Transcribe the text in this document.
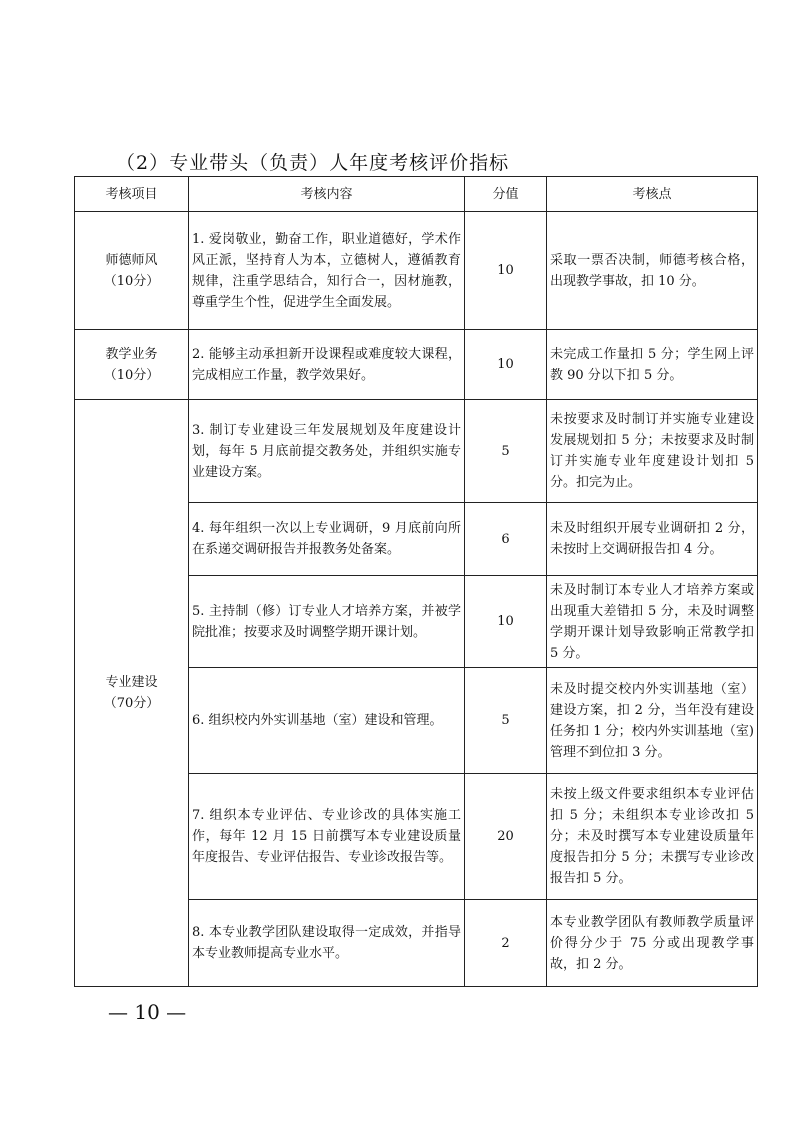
（2）专业带头（负责）人年度考核评价指标
考核项目	考核内容	分值	考核点

师德师风
（10分）	1. 爱岗敬业，勤奋工作，职业道德好，学术作风正派，坚持育人为本，立德树人，遵循教育规律，注重学思结合，知行合一，因材施教，尊重学生个性，促进学生全面发展。	10	采取一票否决制，师德考核合格，出现教学事故，扣 10 分。

教学业务
（10分）	2. 能够主动承担新开设课程或难度较大课程，完成相应工作量，教学效果好。	10	未完成工作量扣 5 分；学生网上评教 90 分以下扣 5 分。

专业建设
（70分）	3. 制订专业建设三年发展规划及年度建设计划，每年 5 月底前提交教务处，并组织实施专业建设方案。	5	未按要求及时制订并实施专业建设发展规划扣 5 分；未按要求及时制订并实施专业年度建设计划扣 5 分。扣完为止。
	4. 每年组织一次以上专业调研，9 月底前向所在系递交调研报告并报教务处备案。	6	未及时组织开展专业调研扣 2 分，未按时上交调研报告扣 4 分。
	5. 主持制（修）订专业人才培养方案，并被学院批准；按要求及时调整学期开课计划。	10	未及时制订本专业人才培养方案或出现重大差错扣 5 分，未及时调整学期开课计划导致影响正常教学扣 5 分。
	6. 组织校内外实训基地（室）建设和管理。	5	未及时提交校内外实训基地（室）建设方案，扣 2 分，当年没有建设任务扣 1 分；校内外实训基地（室)管理不到位扣 3 分。
	7. 组织本专业评估、专业诊改的具体实施工作，每年 12 月 15 日前撰写本专业建设质量年度报告、专业评估报告、专业诊改报告等。	20	未按上级文件要求组织本专业评估扣 5 分；未组织本专业诊改扣 5 分；未及时撰写本专业建设质量年度报告扣分 5 分；未撰写专业诊改报告扣 5 分。
	8. 本专业教学团队建设取得一定成效，并指导本专业教师提高专业水平。	2	本专业教学团队有教师教学质量评价得分少于 75 分或出现教学事故，扣 2 分。
— 10 —
